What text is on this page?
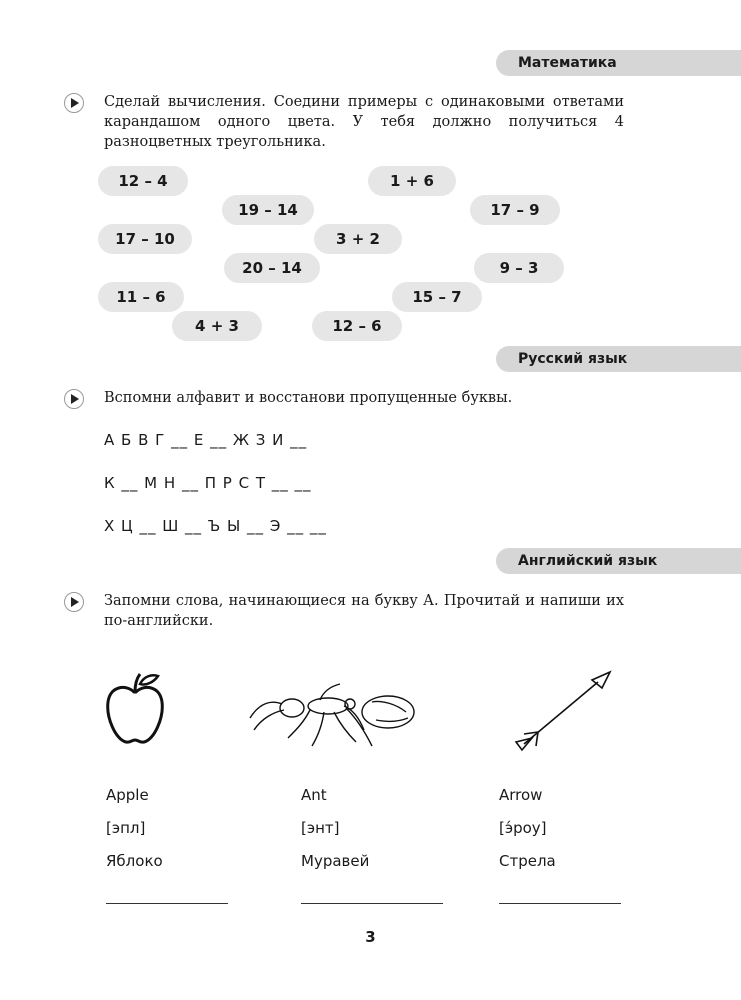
Математика
Сделай вычисления. Соедини примеры с одинаковыми ответами карандашом одного цвета. У тебя должно получиться 4 разноцветных треугольника.
12 – 4	1 + 6
19 – 14	17 – 9
17 – 10	3 + 2
20 – 14	9 – 3
11 – 6	15 – 7
4 + 3	12 – 6
Русский язык
Вспомни алфавит и восстанови пропущенные буквы.
А Б В Г __ Е __ Ж З И __
К __ М Н __ П Р С Т __ __
Х Ц __ Ш __ Ъ Ы __ Э __ __
Английский язык
Запомни слова, начинающиеся на букву А. Прочитай и напиши их по-английски.
Apple
[эпл]
Яблоко
Ant
[энт]
Муравей
Arrow
[э́роу]
Стрела
3
